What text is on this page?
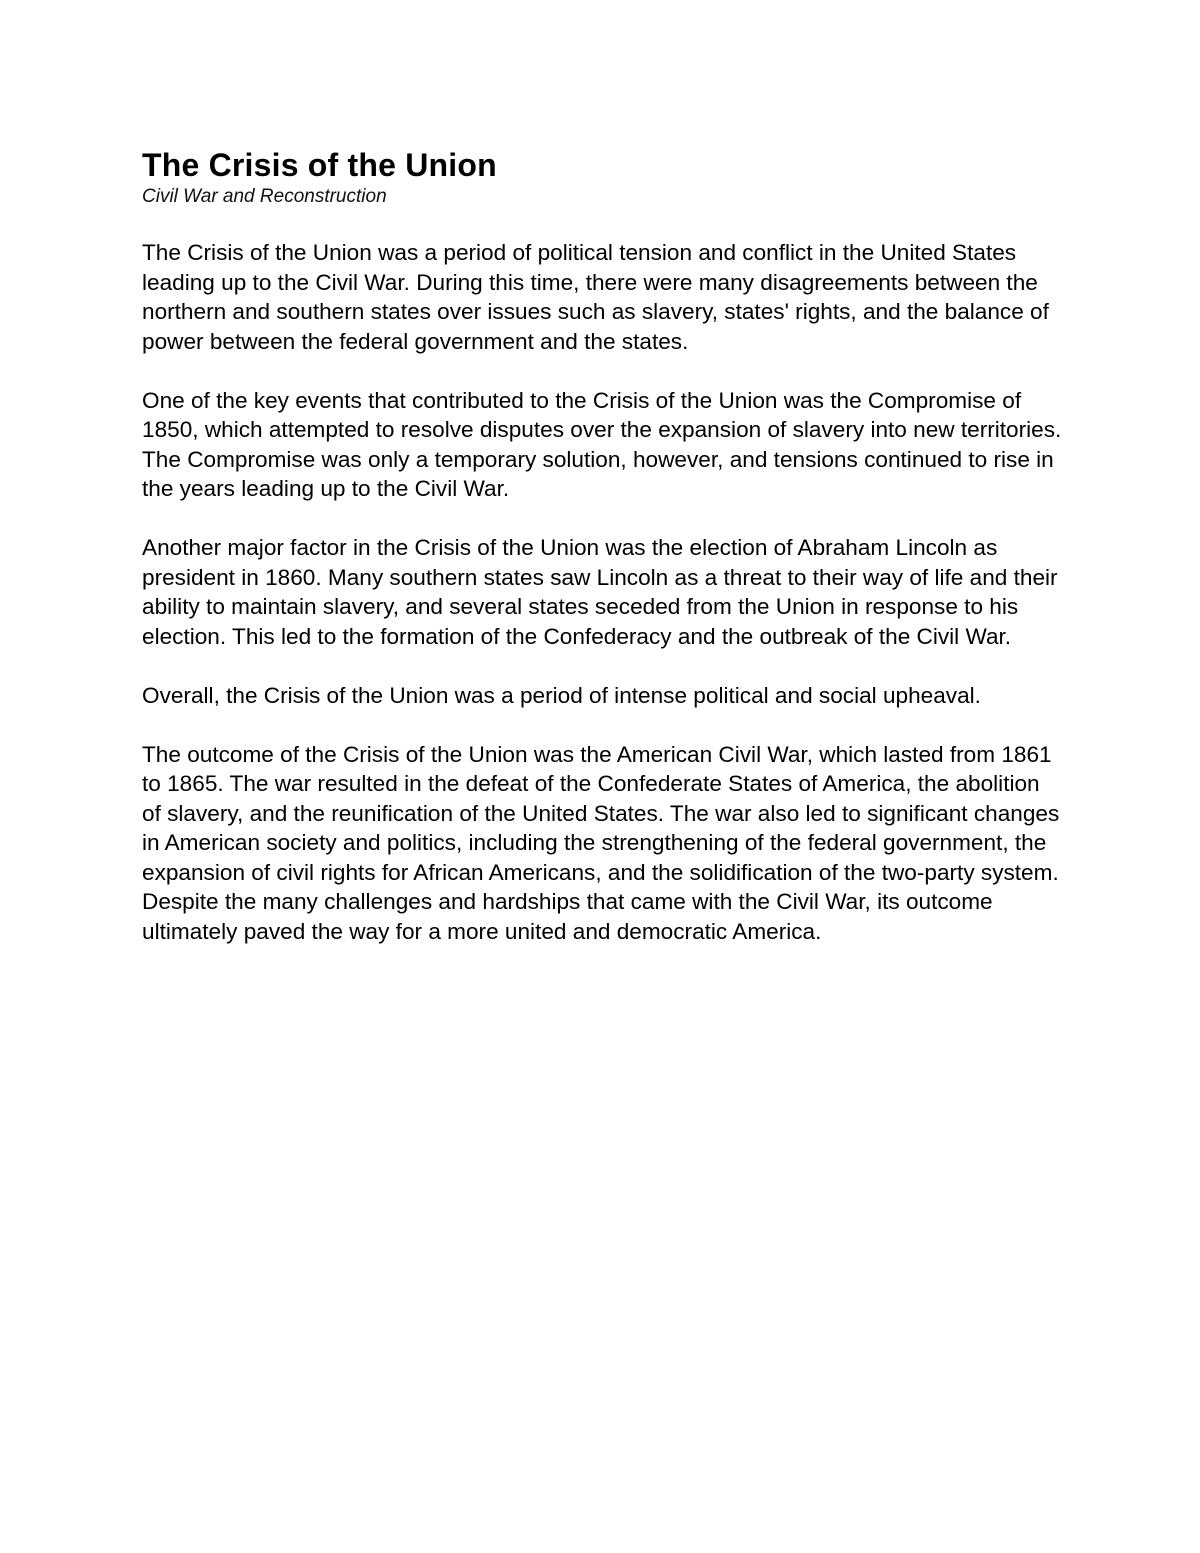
The Crisis of the Union
Civil War and Reconstruction

The Crisis of the Union was a period of political tension and conflict in the United States leading up to the Civil War. During this time, there were many disagreements between the northern and southern states over issues such as slavery, states' rights, and the balance of power between the federal government and the states.

One of the key events that contributed to the Crisis of the Union was the Compromise of 1850, which attempted to resolve disputes over the expansion of slavery into new territories. The Compromise was only a temporary solution, however, and tensions continued to rise in the years leading up to the Civil War.

Another major factor in the Crisis of the Union was the election of Abraham Lincoln as president in 1860. Many southern states saw Lincoln as a threat to their way of life and their ability to maintain slavery, and several states seceded from the Union in response to his election. This led to the formation of the Confederacy and the outbreak of the Civil War.

Overall, the Crisis of the Union was a period of intense political and social upheaval.

The outcome of the Crisis of the Union was the American Civil War, which lasted from 1861 to 1865. The war resulted in the defeat of the Confederate States of America, the abolition of slavery, and the reunification of the United States. The war also led to significant changes in American society and politics, including the strengthening of the federal government, the expansion of civil rights for African Americans, and the solidification of the two-party system. Despite the many challenges and hardships that came with the Civil War, its outcome ultimately paved the way for a more united and democratic America.
